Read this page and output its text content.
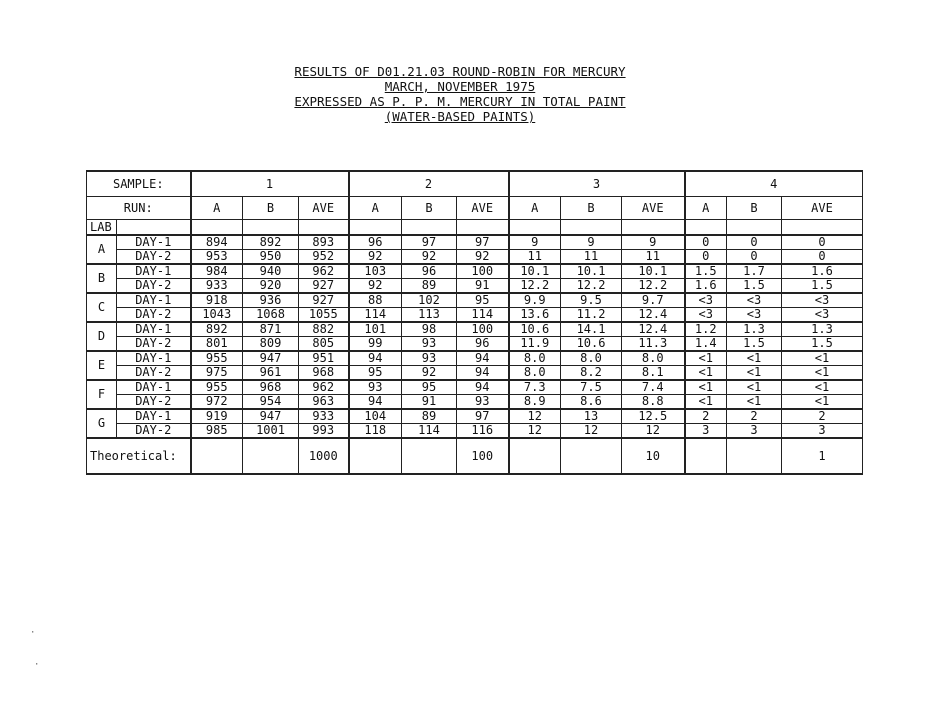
RESULTS OF D01.21.03 ROUND-ROBIN FOR MERCURY
MARCH, NOVEMBER 1975
EXPRESSED AS P. P. M. MERCURY IN TOTAL PAINT
(WATER-BASED PAINTS)
SAMPLE:		1			2			3			4		
RUN:		A	B	AVE	A	B	AVE	A	B	AVE	A	B	AVE
LAB													
A	DAY-1	894	892	893	96	97	97	9	9	9	0	0	0
	DAY-2	953	950	952	92	92	92	11	11	11	0	0	0
B	DAY-1	984	940	962	103	96	100	10.1	10.1	10.1	1.5	1.7	1.6
	DAY-2	933	920	927	92	89	91	12.2	12.2	12.2	1.6	1.5	1.5
C	DAY-1	918	936	927	88	102	95	9.9	9.5	9.7	<3	<3	<3
	DAY-2	1043	1068	1055	114	113	114	13.6	11.2	12.4	<3	<3	<3
D	DAY-1	892	871	882	101	98	100	10.6	14.1	12.4	1.2	1.3	1.3
	DAY-2	801	809	805	99	93	96	11.9	10.6	11.3	1.4	1.5	1.5
E	DAY-1	955	947	951	94	93	94	8.0	8.0	8.0	<1	<1	<1
	DAY-2	975	961	968	95	92	94	8.0	8.2	8.1	<1	<1	<1
F	DAY-1	955	968	962	93	95	94	7.3	7.5	7.4	<1	<1	<1
	DAY-2	972	954	963	94	91	93	8.9	8.6	8.8	<1	<1	<1
G	DAY-1	919	947	933	104	89	97	12	13	12.5	2	2	2
	DAY-2	985	1001	993	118	114	116	12	12	12	3	3	3
Theoretical:				1000			100			10			1
·
·
